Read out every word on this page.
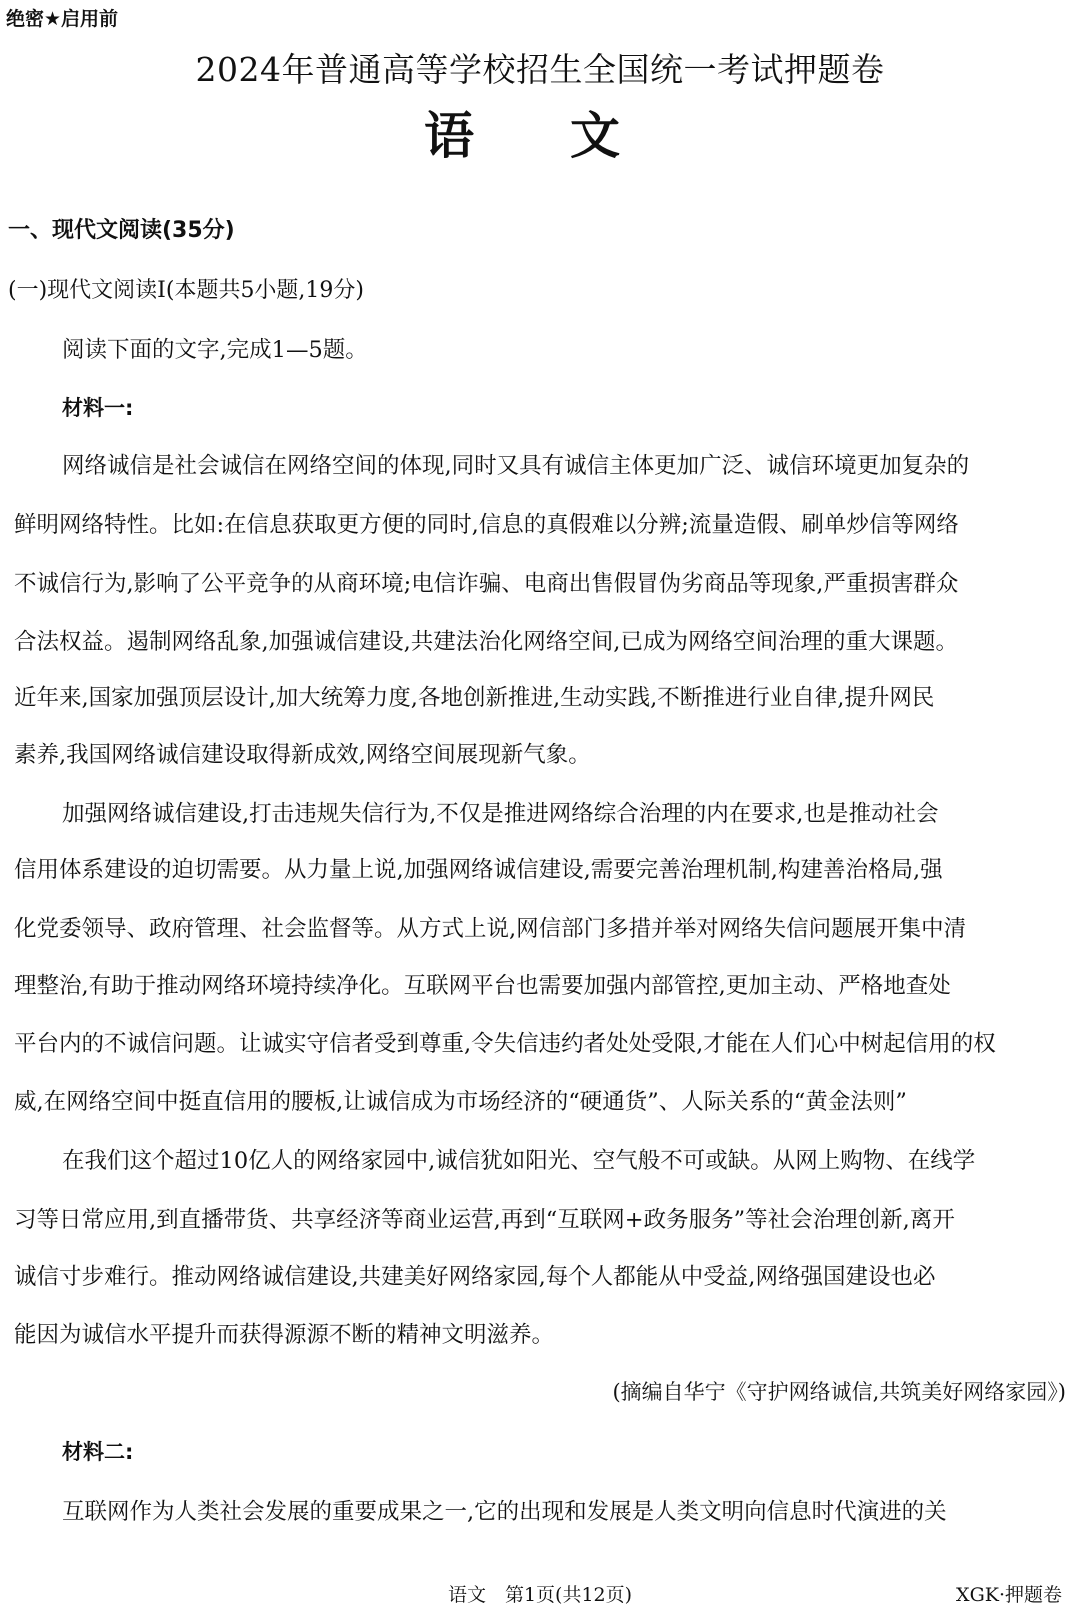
绝密★启用前
2024年普通高等学校招生全国统一考试押题卷
语文
一、现代文阅读(35分)
(一)现代文阅读Ⅰ(本题共5小题,19分)
阅读下面的文字,完成1—5题。
材料一:
网络诚信是社会诚信在网络空间的体现,同时又具有诚信主体更加广泛、诚信环境更加复杂的
鲜明网络特性。比如:在信息获取更方便的同时,信息的真假难以分辨;流量造假、刷单炒信等网络
不诚信行为,影响了公平竞争的从商环境;电信诈骗、电商出售假冒伪劣商品等现象,严重损害群众
合法权益。遏制网络乱象,加强诚信建设,共建法治化网络空间,已成为网络空间治理的重大课题。
近年来,国家加强顶层设计,加大统筹力度,各地创新推进,生动实践,不断推进行业自律,提升网民
素养,我国网络诚信建设取得新成效,网络空间展现新气象。
加强网络诚信建设,打击违规失信行为,不仅是推进网络综合治理的内在要求,也是推动社会
信用体系建设的迫切需要。从力量上说,加强网络诚信建设,需要完善治理机制,构建善治格局,强
化党委领导、政府管理、社会监督等。从方式上说,网信部门多措并举对网络失信问题展开集中清
理整治,有助于推动网络环境持续净化。互联网平台也需要加强内部管控,更加主动、严格地查处
平台内的不诚信问题。让诚实守信者受到尊重,令失信违约者处处受限,才能在人们心中树起信用的权
威,在网络空间中挺直信用的腰板,让诚信成为市场经济的“硬通货”、人际关系的“黄金法则”
在我们这个超过10亿人的网络家园中,诚信犹如阳光、空气般不可或缺。从网上购物、在线学
习等日常应用,到直播带货、共享经济等商业运营,再到“互联网+政务服务”等社会治理创新,离开
诚信寸步难行。推动网络诚信建设,共建美好网络家园,每个人都能从中受益,网络强国建设也必
能因为诚信水平提升而获得源源不断的精神文明滋养。
(摘编自华宁《守护网络诚信,共筑美好网络家园》)
材料二:
互联网作为人类社会发展的重要成果之一,它的出现和发展是人类文明向信息时代演进的关
语文　第1页(共12页)	XGK·押题卷
